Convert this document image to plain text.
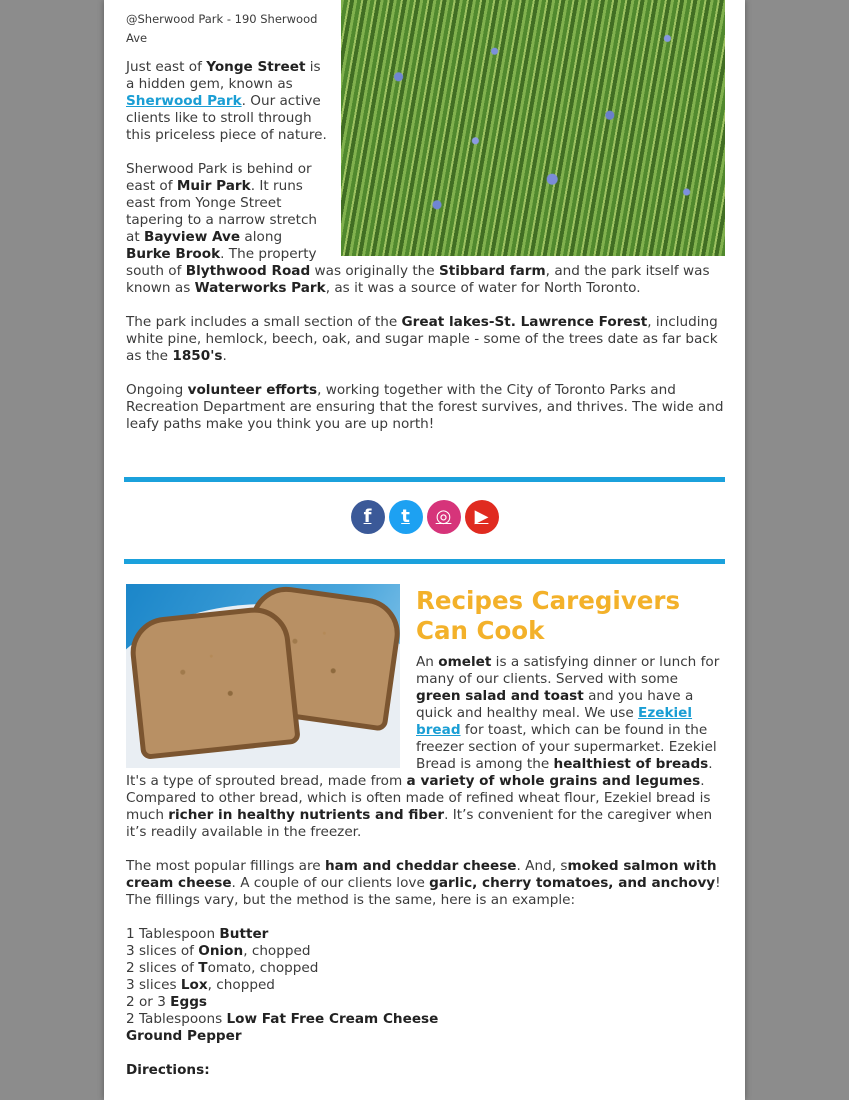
@Sherwood Park - 190 Sherwood Ave

Just east of Yonge Street is a hidden gem, known as Sherwood Park. Our active clients like to stroll through this priceless piece of nature.

Sherwood Park is behind or east of Muir Park. It runs east from Yonge Street tapering to a narrow stretch at Bayview Ave along Burke Brook. The property south of Blythwood Road was originally the Stibbard farm, and the park itself was known as Waterworks Park, as it was a source of water for North Toronto.

The park includes a small section of the Great lakes-St. Lawrence Forest, including white pine, hemlock, beech, oak, and sugar maple - some of the trees date as far back as the 1850's.

Ongoing volunteer efforts, working together with the City of Toronto Parks and Recreation Department are ensuring that the forest survives, and thrives. The wide and leafy paths make you think you are up north!

f t ◎ ▶
Recipes Caregivers Can Cook

An omelet is a satisfying dinner or lunch for many of our clients. Served with some green salad and toast and you have a quick and healthy meal. We use Ezekiel bread for toast, which can be found in the freezer section of your supermarket. Ezekiel Bread is among the healthiest of breads. It's a type of sprouted bread, made from a variety of whole grains and legumes. Compared to other bread, which is often made of refined wheat flour, Ezekiel bread is much richer in healthy nutrients and fiber. It’s convenient for the caregiver when it’s readily available in the freezer.

The most popular fillings are ham and cheddar cheese. And, smoked salmon with cream cheese. A couple of our clients love garlic, cherry tomatoes, and anchovy!
The fillings vary, but the method is the same, here is an example:

1 Tablespoon Butter
3 slices of Onion, chopped
2 slices of Tomato, chopped
3 slices Lox, chopped
2 or 3 Eggs
2 Tablespoons Low Fat Free Cream Cheese
Ground Pepper

Directions:
